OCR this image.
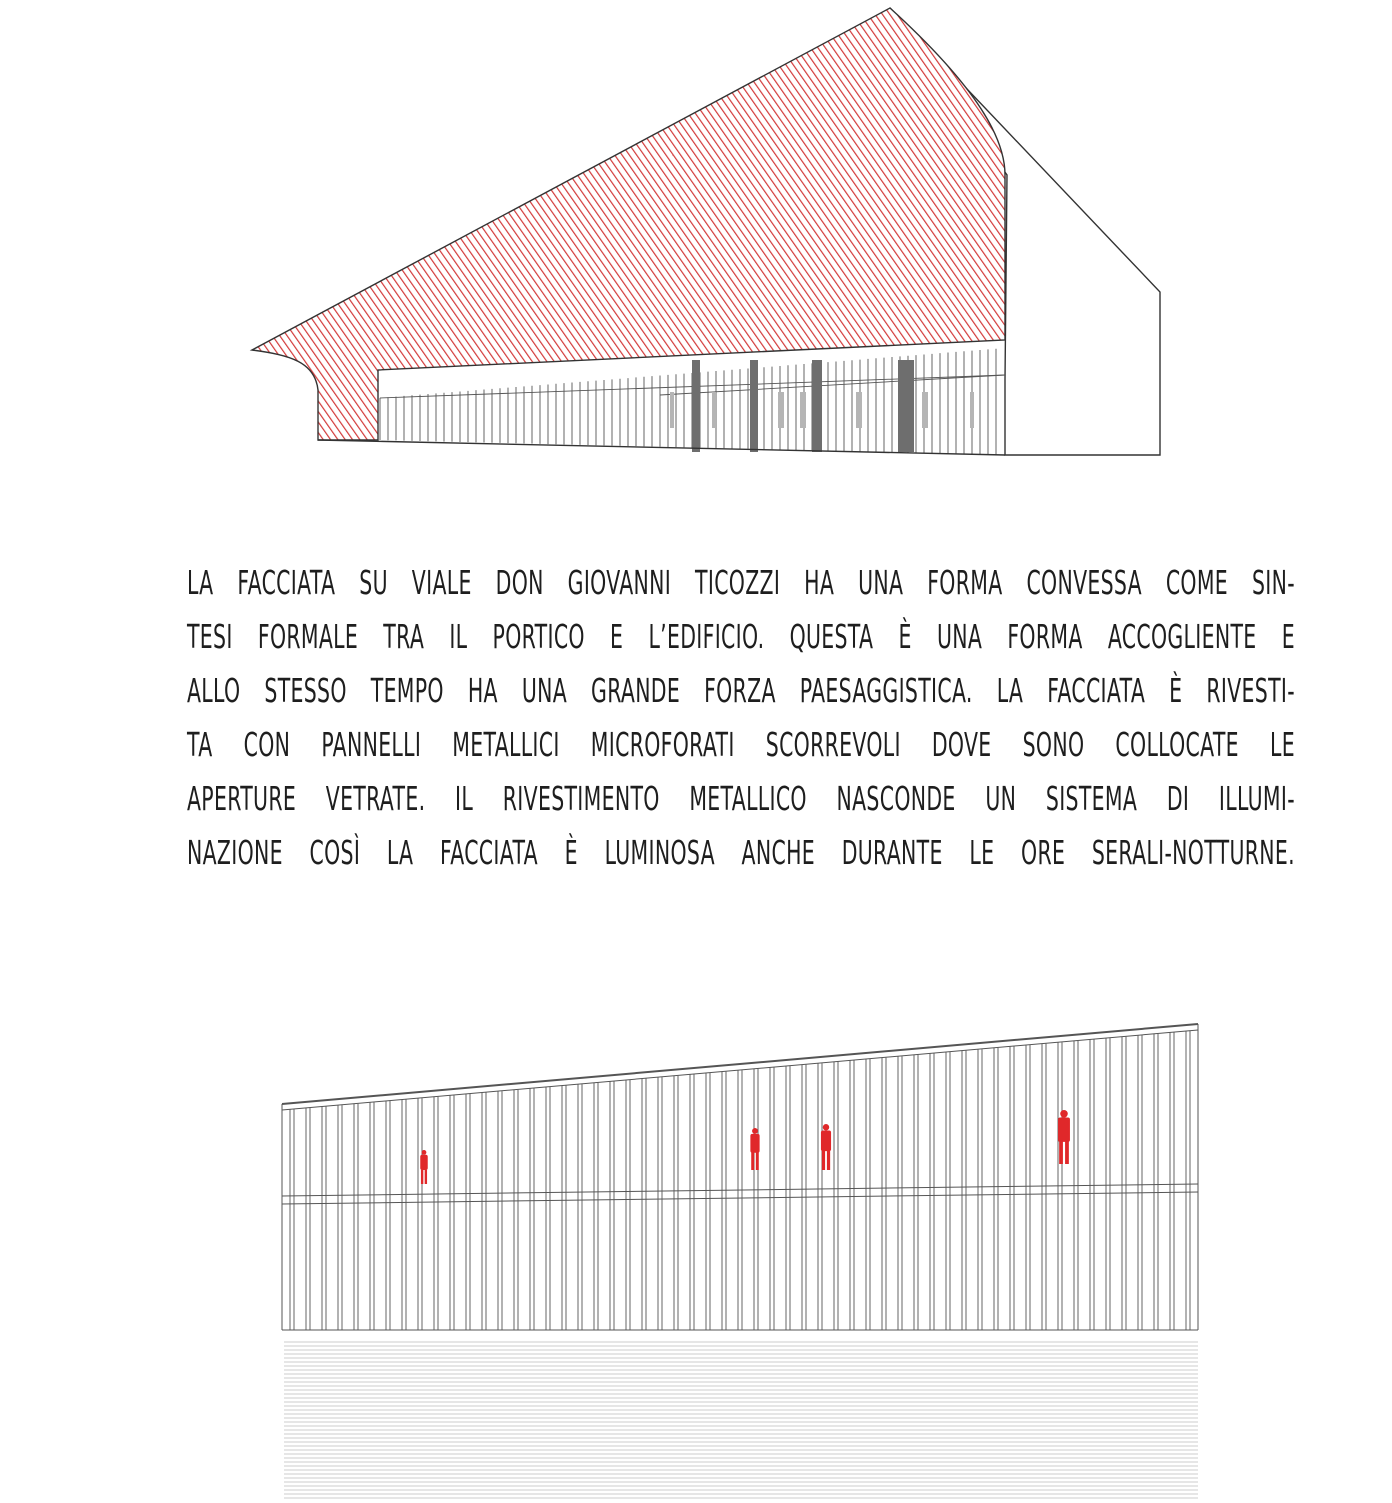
LA FACCIATA SU VIALE DON GIOVANNI TICOZZI HA UNA FORMA CONVESSA COME SIN-
TESI FORMALE TRA IL PORTICO E L’EDIFICIO. QUESTA È UNA FORMA ACCOGLIENTE E
ALLO STESSO TEMPO HA UNA GRANDE FORZA PAESAGGISTICA. LA FACCIATA È RIVESTI-
TA CON PANNELLI METALLICI MICROFORATI SCORREVOLI DOVE SONO COLLOCATE LE
APERTURE VETRATE. IL RIVESTIMENTO METALLICO NASCONDE UN SISTEMA DI ILLUMI-
NAZIONE COSÌ LA FACCIATA È LUMINOSA ANCHE DURANTE LE ORE SERALI-NOTTURNE.
